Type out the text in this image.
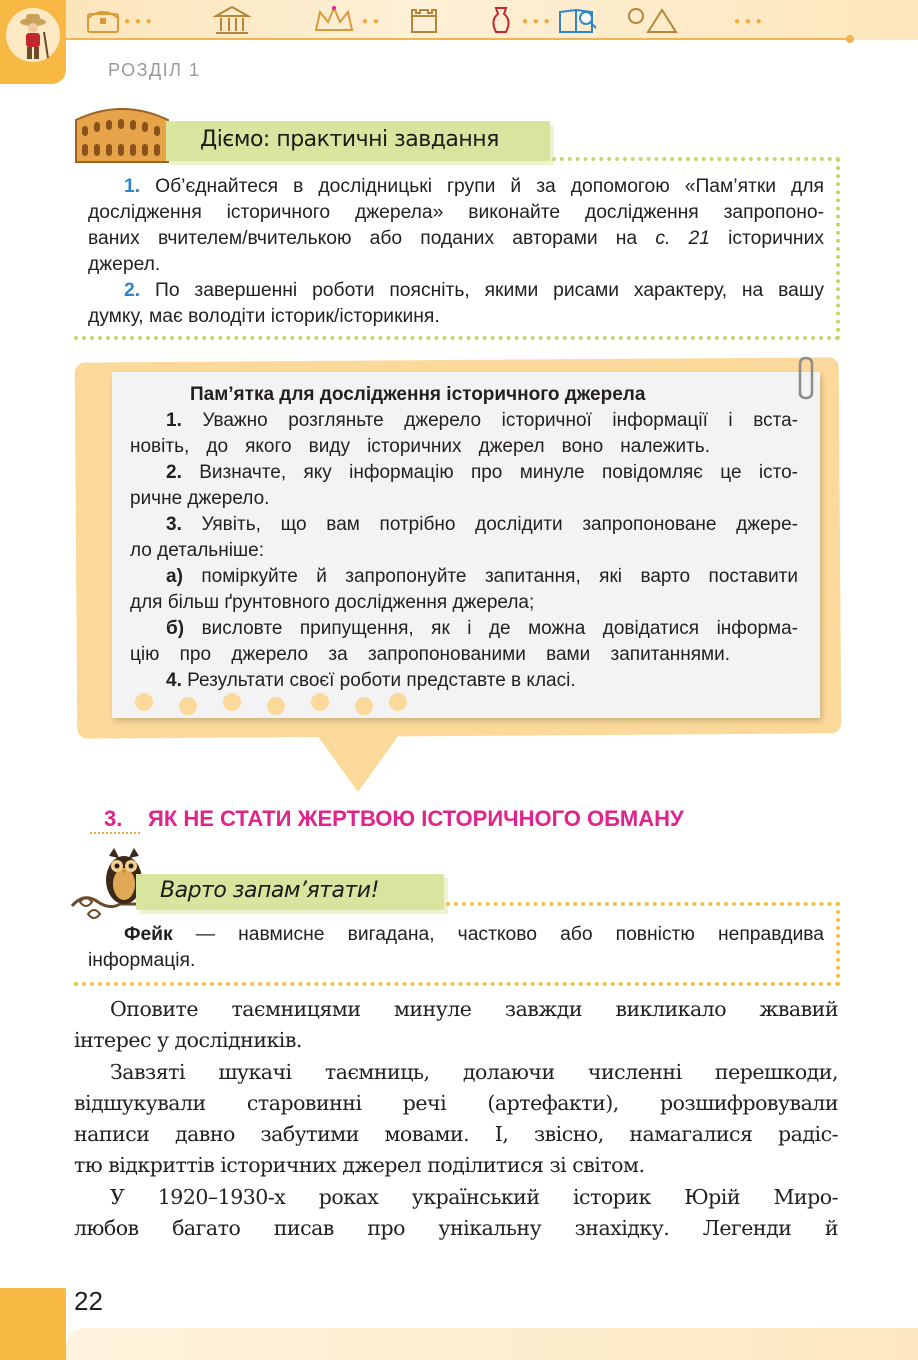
● ● ●	● ●	● ● ●	● ● ●
РОЗДІЛ 1
Дiємо: практичні завдання
1. Об’єднайтеся в дослідницькі групи й за допомогою «Пам’ятки для
дослідження історичного джерела» виконайте дослідження запропоно-
ваних вчителем/вчителькою або поданих авторами на с. 21 історичних
джерел.
2. По завершенні роботи поясніть, якими рисами характеру, на вашу
думку, має володіти історик/історикиня.
Пам’ятка для дослідження історичного джерела
1. Уважно розгляньте джерело історичної інформації і вста-
новіть, до якого виду історичних джерел воно належить.
2. Визначте, яку інформацію про минуле повідомляє це істо-
ричне джерело.
3. Уявіть, що вам потрібно дослідити запропоноване джере-
ло детальніше:
а) поміркуйте й запропонуйте запитання, які варто поставити
для більш ґрунтовного дослідження джерела;
б) висловте припущення, як і де можна довідатися інформа-
цію про джерело за запропонованими вами запитаннями.
4. Результати своєї роботи представте в класі.
3. ЯК НЕ СТАТИ ЖЕРТВОЮ ІСТОРИЧНОГО ОБМАНУ
Варто запам’ятати!
Фейк — навмисне вигадана, частково або повністю неправдива
інформація.
Оповите таємницями минуле завжди викликало жвавий
інтерес у дослідників.
Завзяті шукачі таємниць, долаючи численні перешкоди,
відшукували старовинні речі (артефакти), розшифровували
написи давно забутими мовами. І, звісно, намагалися радіс-
тю відкриттів історичних джерел поділитися зі світом.
У 1920–1930-х роках український історик Юрій Миро-
любов багато писав про унікальну знахідку. Легенди й
22
